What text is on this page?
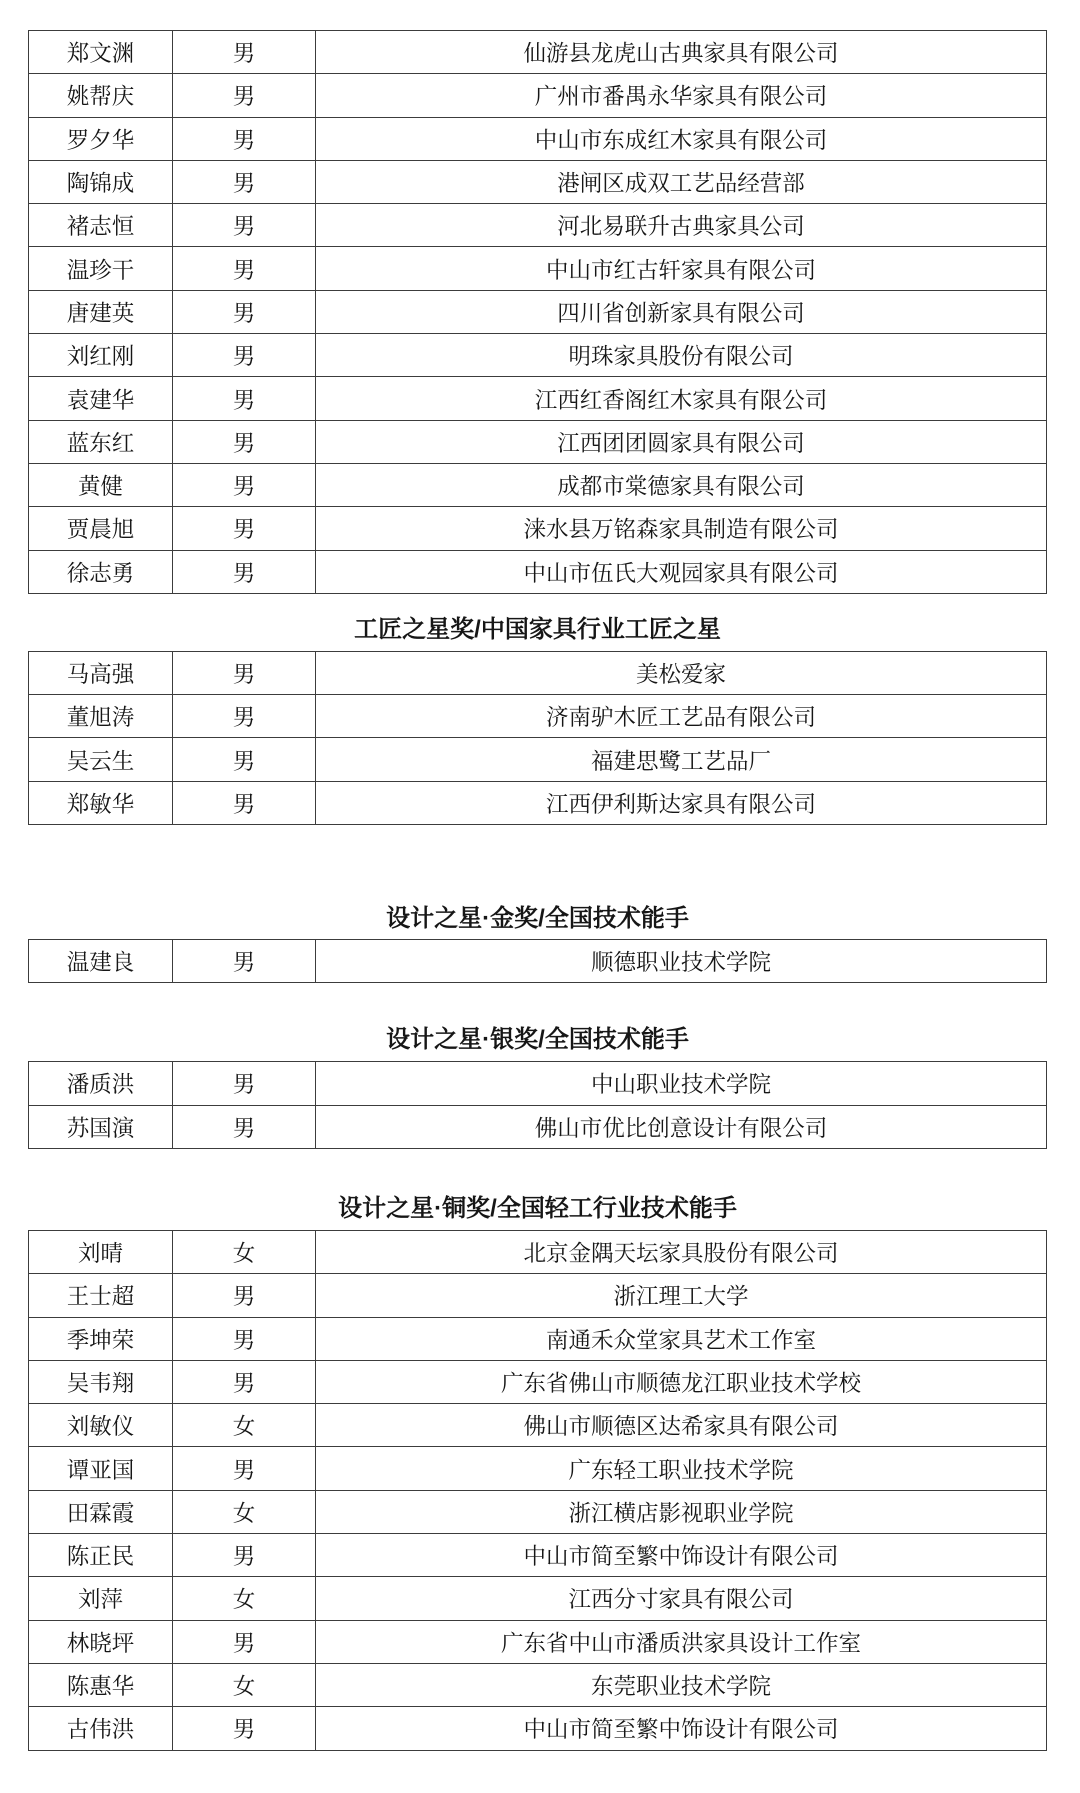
郑文渊	男	仙游县龙虎山古典家具有限公司
姚帮庆	男	广州市番禺永华家具有限公司
罗夕华	男	中山市东成红木家具有限公司
陶锦成	男	港闸区成双工艺品经营部
褚志恒	男	河北易联升古典家具公司
温珍干	男	中山市红古轩家具有限公司
唐建英	男	四川省创新家具有限公司
刘红刚	男	明珠家具股份有限公司
袁建华	男	江西红香阁红木家具有限公司
蓝东红	男	江西团团圆家具有限公司
黄健	男	成都市棠德家具有限公司
贾晨旭	男	涞水县万铭森家具制造有限公司
徐志勇	男	中山市伍氏大观园家具有限公司
工匠之星奖/中国家具行业工匠之星
马高强	男	美松爱家
董旭涛	男	济南驴木匠工艺品有限公司
吴云生	男	福建思鹭工艺品厂
郑敏华	男	江西伊利斯达家具有限公司
设计之星·金奖/全国技术能手
温建良	男	顺德职业技术学院
设计之星·银奖/全国技术能手
潘质洪	男	中山职业技术学院
苏国演	男	佛山市优比创意设计有限公司
设计之星·铜奖/全国轻工行业技术能手
刘晴	女	北京金隅天坛家具股份有限公司
王士超	男	浙江理工大学
季坤荣	男	南通禾众堂家具艺术工作室
吴韦翔	男	广东省佛山市顺德龙江职业技术学校
刘敏仪	女	佛山市顺德区达希家具有限公司
谭亚国	男	广东轻工职业技术学院
田霖霞	女	浙江横店影视职业学院
陈正民	男	中山市简至繁中饰设计有限公司
刘萍	女	江西分寸家具有限公司
林晓坪	男	广东省中山市潘质洪家具设计工作室
陈惠华	女	东莞职业技术学院
古伟洪	男	中山市简至繁中饰设计有限公司
